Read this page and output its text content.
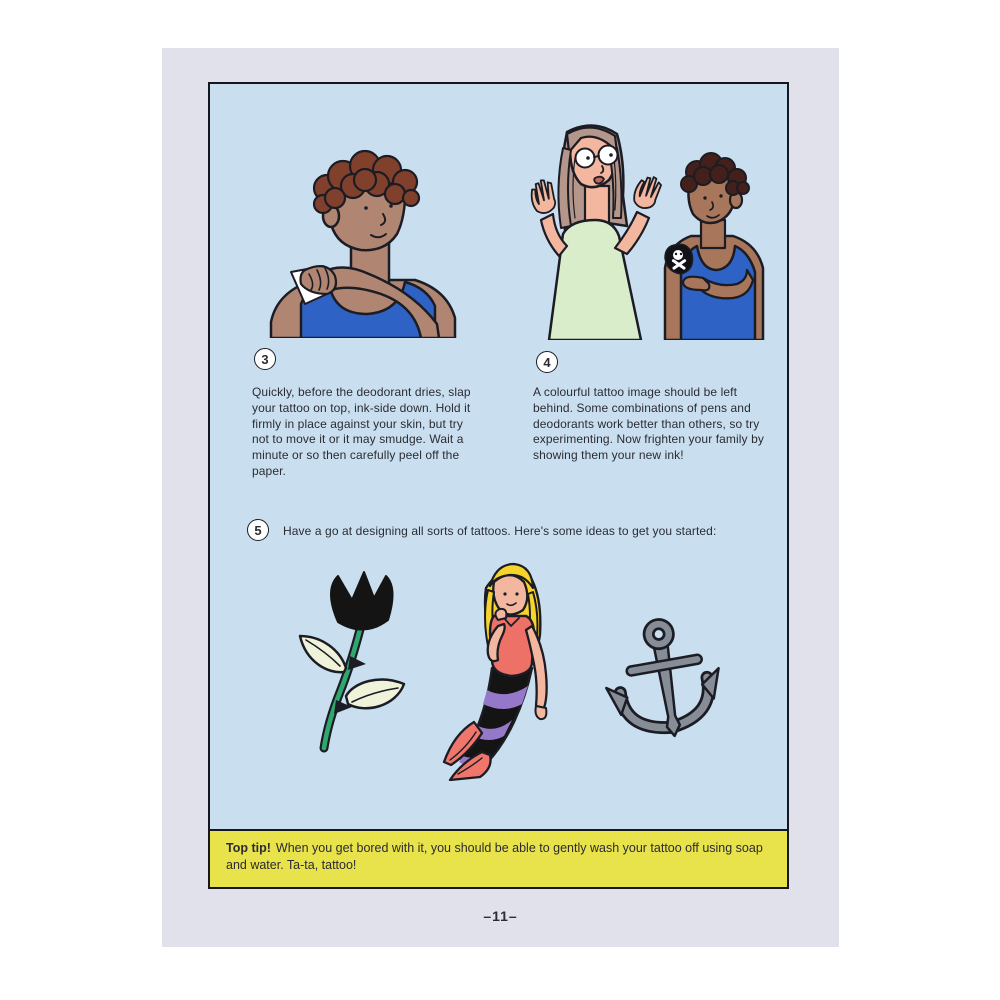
3
Quickly, before the deodorant dries, slap your tattoo on top, ink-side down. Hold it firmly in place against your skin, but try not to move it or it may smudge. Wait a minute or so then carefully peel off the paper.
4
A colourful tattoo image should be left behind. Some combinations of pens and deodorants work better than others, so try experimenting. Now frighten your family by showing them your new ink!
5 Have a go at designing all sorts of tattoos. Here's some ideas to get you started:
Top tip! When you get bored with it, you should be able to gently wash your tattoo off using soap and water. Ta-ta, tattoo!
–11–
